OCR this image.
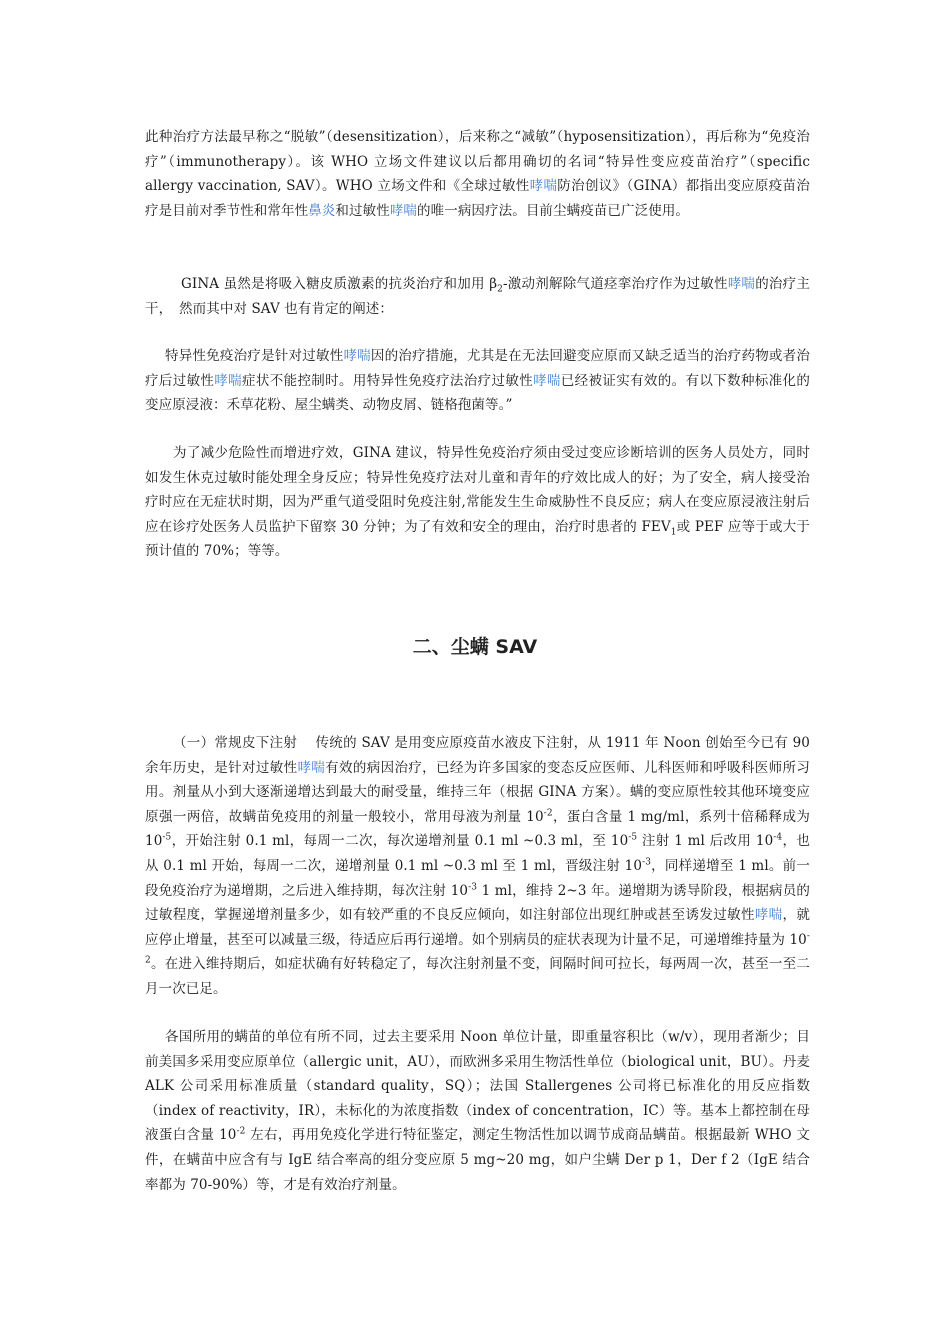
此种治疗方法最早称之“脱敏”（desensitization），后来称之“减敏”（hyposensitization），再后称为“免疫治疗”（immunotherapy）。该 WHO 立场文件建议以后都用确切的名词“特异性变应疫苗治疗”（specific allergy vaccination, SAV）。WHO 立场文件和《全球过敏性哮喘防治创议》（GINA）都指出变应原疫苗治疗是目前对季节性和常年性鼻炎和过敏性哮喘的唯一病因疗法。目前尘螨疫苗已广泛使用。

GINA 虽然是将吸入糖皮质激素的抗炎治疗和加用 $\beta_2-$激动剂解除气道痉挛治疗作为过敏性哮喘的治疗主干，　然而其中对 SAV 也有肯定的阐述：

特异性免疫治疗是针对过敏性哮喘因的治疗措施，尤其是在无法回避变应原而又缺乏适当的治疗药物或者治疗后过敏性哮喘症状不能控制时。用特异性免疫疗法治疗过敏性哮喘已经被证实有效的。有以下数种标准化的变应原浸液：禾草花粉、屋尘螨类、动物皮屑、链格孢菌等。”

为了减少危险性而增进疗效，GINA 建议，特异性免疫治疗须由受过变应诊断培训的医务人员处方，同时如发生休克过敏时能处理全身反应；特异性免疫疗法对儿童和青年的疗效比成人的好；为了安全，病人接受治疗时应在无症状时期，因为严重气道受阻时免疫注射,常能发生生命威胁性不良反应；病人在变应原浸液注射后应在诊疗处医务人员监护下留察 30 分钟；为了有效和安全的理由，治疗时患者的 $FEV_1$或 PEF 应等于或大于预计值的 70%；等等。

二、尘螨 SAV

（一）常规皮下注射　 传统的 SAV 是用变应原疫苗水液皮下注射，从 1911 年 Noon 创始至今已有 90 余年历史，是针对过敏性哮喘有效的病因治疗，已经为许多国家的变态反应医师、儿科医师和呼吸科医师所习用。剂量从小到大逐渐递增达到最大的耐受量，维持三年（根据 GINA 方案）。螨的变应原性较其他环境变应原强一两倍，故螨苗免疫用的剂量一般较小，常用母液为剂量 $10^{-2}$，蛋白含量 1 mg/ml，系列十倍稀释成为 $10^{-5}$，开始注射 0.1 ml，每周一二次，每次递增剂量 0.1 ml ~0.3 ml，至 $10^{-5}$ 注射 1 ml 后改用 $10^{-4}$，也从 0.1 ml 开始，每周一二次，递增剂量 0.1 ml ~0.3 ml 至 1 ml，晋级注射 $10^{-3}$，同样递增至 1 ml。前一段免疫治疗为递增期，之后进入维持期，每次注射 $10^{-3}$ 1 ml，维持 2~3 年。递增期为诱导阶段，根据病员的过敏程度，掌握递增剂量多少，如有较严重的不良反应倾向，如注射部位出现红肿或甚至诱发过敏性哮喘，就应停止增量，甚至可以减量三级，待适应后再行递增。如个别病员的症状表现为计量不足，可递增维持量为 $10^{-2}$。在进入维持期后，如症状确有好转稳定了，每次注射剂量不变，间隔时间可拉长，每两周一次，甚至一至二月一次已足。

各国所用的螨苗的单位有所不同，过去主要采用 Noon 单位计量，即重量容积比（w/v），现用者渐少；目前美国多采用变应原单位（allergic unit，AU），而欧洲多采用生物活性单位（biological unit，BU）。丹麦 ALK 公司采用标准质量（standard quality，SQ）；法国 Stallergenes 公司将已标准化的用反应指数（index of reactivity，IR），未标化的为浓度指数（index of concentration，IC）等。基本上都控制在母液蛋白含量 $10^{-2}$ 左右，再用免疫化学进行特征鉴定，测定生物活性加以调节成商品螨苗。根据最新 WHO 文件，在螨苗中应含有与 IgE 结合率高的组分变应原 5 mg~20 mg，如户尘螨 Der p 1，Der f 2（IgE 结合率都为 70-90%）等，才是有效治疗剂量。
